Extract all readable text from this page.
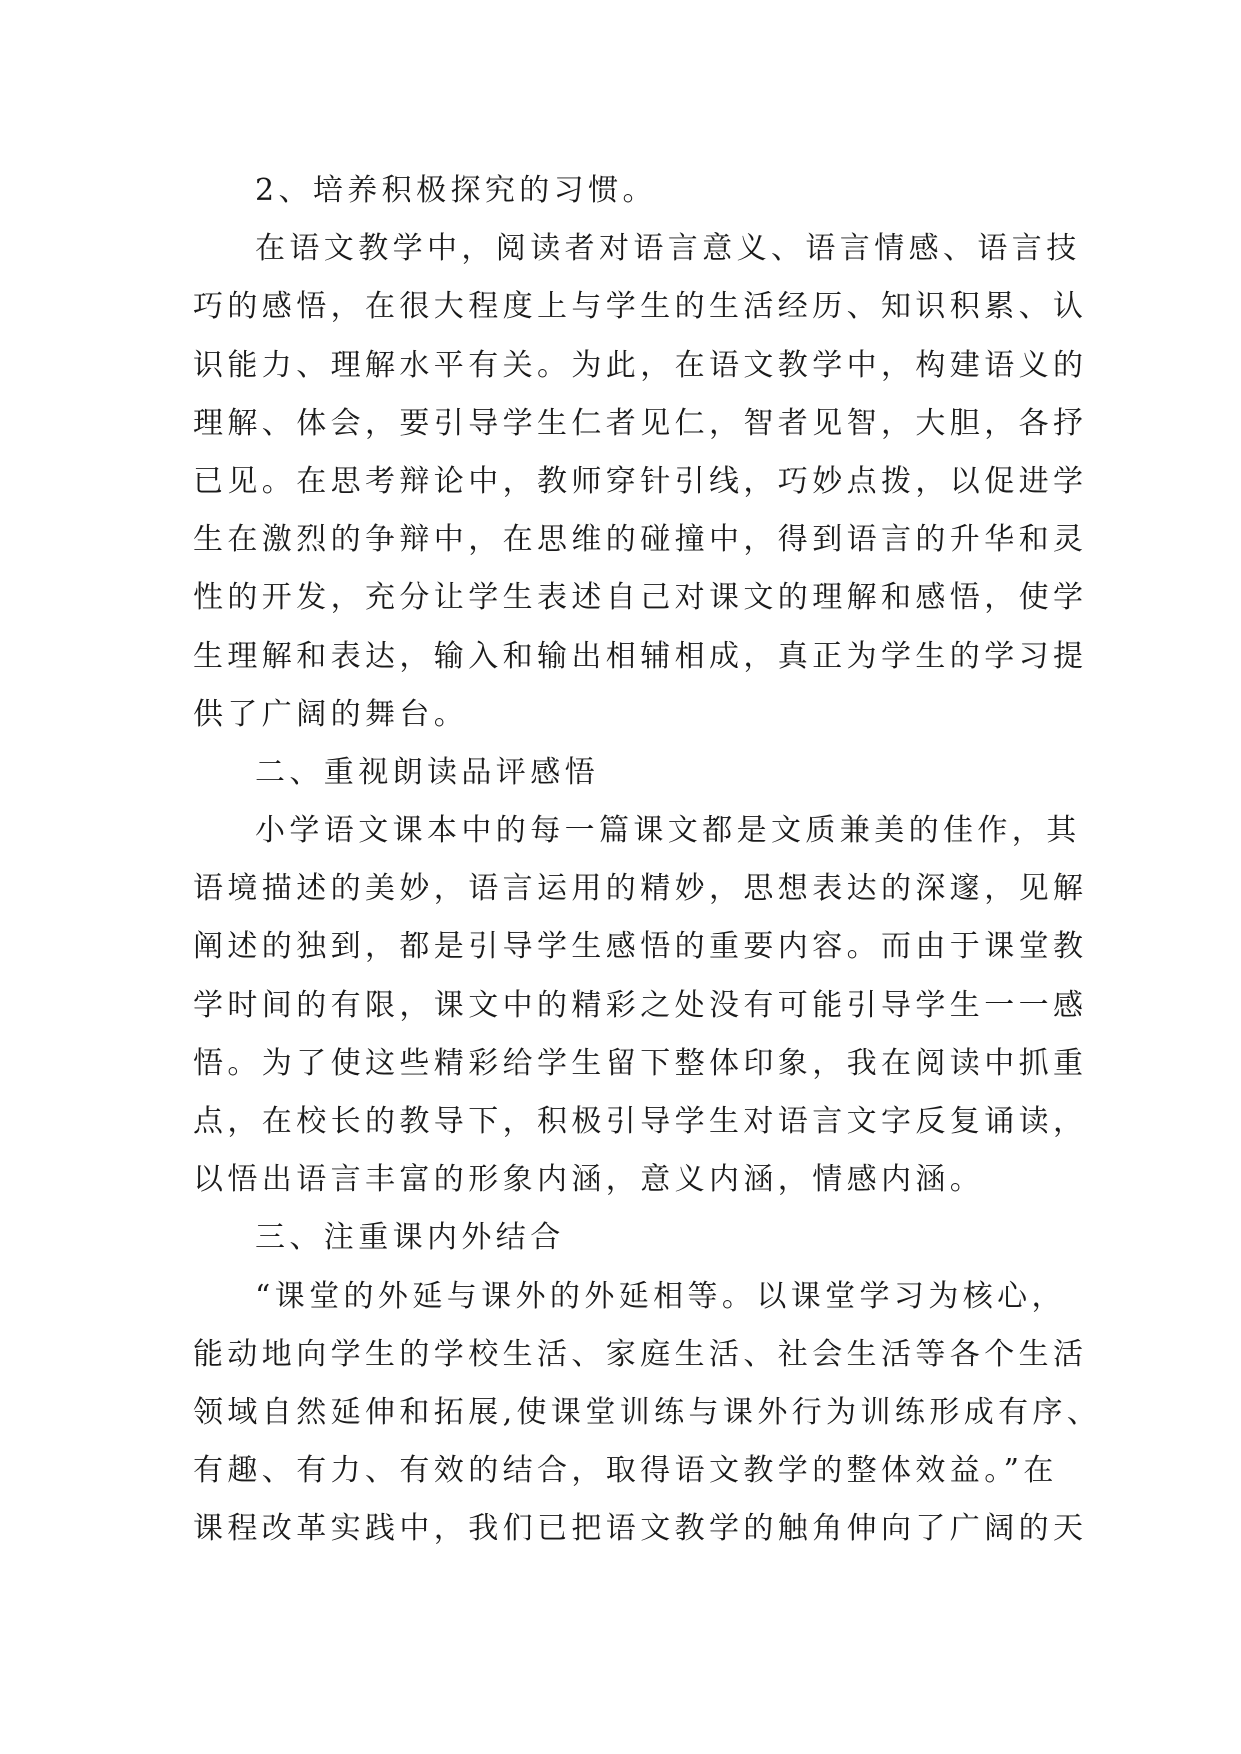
2、培养积极探究的习惯。
在语文教学中，阅读者对语言意义、语言情感、语言技
巧的感悟，在很大程度上与学生的生活经历、知识积累、认
识能力、理解水平有关。为此，在语文教学中，构建语义的
理解、体会，要引导学生仁者见仁，智者见智，大胆，各抒
已见。在思考辩论中，教师穿针引线，巧妙点拨，以促进学
生在激烈的争辩中，在思维的碰撞中，得到语言的升华和灵
性的开发，充分让学生表述自己对课文的理解和感悟，使学
生理解和表达，输入和输出相辅相成，真正为学生的学习提
供了广阔的舞台。
二、重视朗读品评感悟
小学语文课本中的每一篇课文都是文质兼美的佳作，其
语境描述的美妙，语言运用的精妙，思想表达的深邃，见解
阐述的独到，都是引导学生感悟的重要内容。而由于课堂教
学时间的有限，课文中的精彩之处没有可能引导学生一一感
悟。为了使这些精彩给学生留下整体印象，我在阅读中抓重
点，在校长的教导下，积极引导学生对语言文字反复诵读，
以悟出语言丰富的形象内涵，意义内涵，情感内涵。
三、注重课内外结合
“课堂的外延与课外的外延相等。以课堂学习为核心，
能动地向学生的学校生活、家庭生活、社会生活等各个生活
领域自然延伸和拓展,使课堂训练与课外行为训练形成有序、
有趣、有力、有效的结合，取得语文教学的整体效益。”在
课程改革实践中，我们已把语文教学的触角伸向了广阔的天
